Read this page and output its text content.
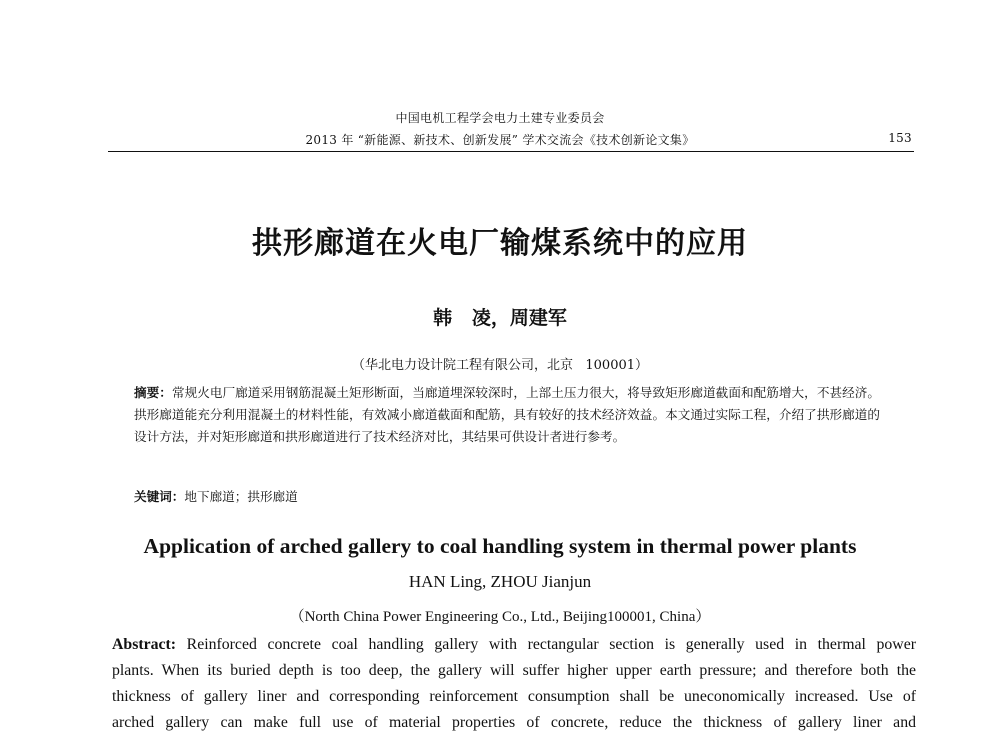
中国电机工程学会电力土建专业委员会
2013 年 “新能源、新技术、创新发展” 学术交流会《技术创新论文集》	153
拱形廊道在火电厂输煤系统中的应用
韩   凌，周建军
（华北电力设计院工程有限公司，北京   100001）
摘要：常规火电厂廊道采用钢筋混凝土矩形断面，当廊道埋深较深时，上部土压力很大，将导致矩形廊道截面和配筋增大，不甚经济。拱形廊道能充分利用混凝土的材料性能，有效减小廊道截面和配筋，具有较好的技术经济效益。本文通过实际工程，介绍了拱形廊道的设计方法，并对矩形廊道和拱形廊道进行了技术经济对比，其结果可供设计者进行参考。
关键词：地下廊道；拱形廊道
Application of arched gallery to coal handling system in thermal power plants
HAN Ling, ZHOU Jianjun
（North China Power Engineering Co., Ltd., Beijing100001, China）
Abstract: Reinforced concrete coal handling gallery with rectangular section is generally used in thermal power
plants. When its buried depth is too deep, the gallery will suffer higher upper earth pressure; and therefore both the
thickness of gallery liner and corresponding reinforcement consumption shall be uneconomically increased. Use of
arched gallery can make full use of material properties of concrete, reduce the thickness of gallery liner and
